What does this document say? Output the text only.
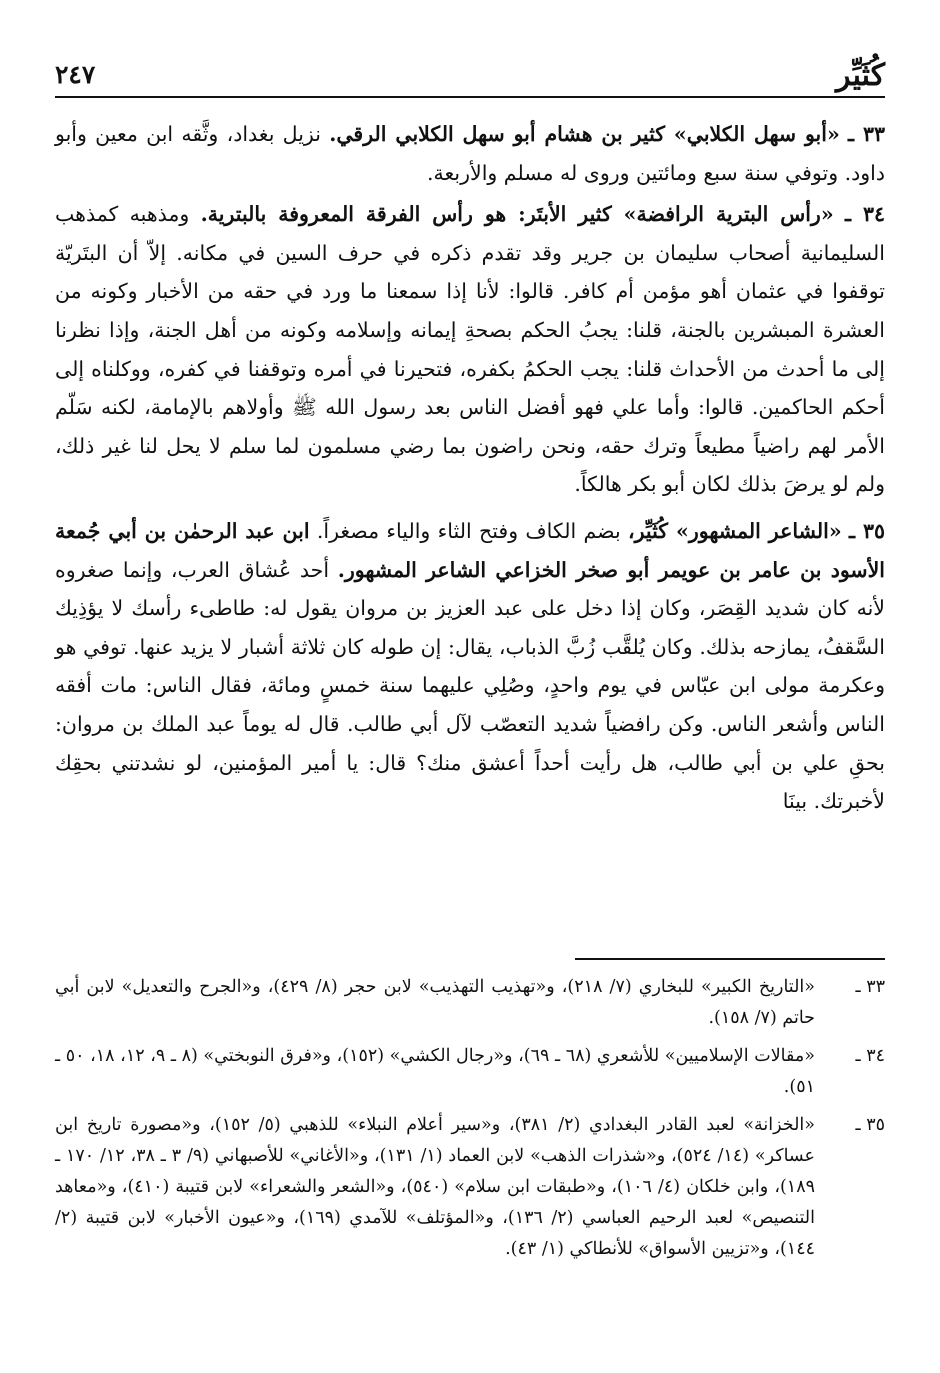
كُثَيِّر
٢٤٧

٣٣ ـ «أبو سهل الكلابي» كثير بن هشام أبو سهل الكلابي الرقي. نزيل بغداد، وثَّقه ابن معين وأبو داود. وتوفي سنة سبع ومائتين وروى له مسلم والأربعة.

٣٤ ـ «رأس البترية الرافضة» كثير الأبتَر: هو رأس الفرقة المعروفة بالبترية. ومذهبه كمذهب السليمانية أصحاب سليمان بن جرير وقد تقدم ذكره في حرف السين في مكانه. إلاّ أن البتَريّة توقفوا في عثمان أهو مؤمن أم كافر. قالوا: لأنا إذا سمعنا ما ورد في حقه من الأخبار وكونه من العشرة المبشرين بالجنة، قلنا: يجبُ الحكم بصحةِ إيمانه وإسلامه وكونه من أهل الجنة، وإذا نظرنا إلى ما أحدث من الأحداث قلنا: يجب الحكمُ بكفره، فتحيرنا في أمره وتوقفنا في كفره، ووكلناه إلى أحكم الحاكمين. قالوا: وأما علي فهو أفضل الناس بعد رسول الله ﷺ وأولاهم بالإمامة، لكنه سَلّم الأمر لهم راضياً مطيعاً وترك حقه، ونحن راضون بما رضي مسلمون لما سلم لا يحل لنا غير ذلك، ولم لو يرضَ بذلك لكان أبو بكر هالكاً.

٣٥ ـ «الشاعر المشهور» كُثَيِّر، بضم الكاف وفتح الثاء والياء مصغراً. ابن عبد الرحمٰن بن أبي جُمعة الأسود بن عامر بن عويمر أبو صخر الخزاعي الشاعر المشهور. أحد عُشاق العرب، وإنما صغروه لأنه كان شديد القِصَر، وكان إذا دخل على عبد العزيز بن مروان يقول له: طاطىء رأسك لا يؤذِيك السَّقفُ، يمازحه بذلك. وكان يُلقَّب زُبَّ الذباب، يقال: إن طوله كان ثلاثة أشبار لا يزيد عنها. توفي هو وعكرمة مولى ابن عبّاس في يوم واحدٍ، وصُلِي عليهما سنة خمسٍ ومائة، فقال الناس: مات أفقه الناس وأشعر الناس. وكن رافضياً شديد التعصّب لآل أبي طالب. قال له يوماً عبد الملك بن مروان: بحقِ علي بن أبي طالب، هل رأيت أحداً أعشق منك؟ قال: يا أمير المؤمنين، لو نشدتني بحقِك لأخبرتك. بينَا

٣٣ ـ
«التاريخ الكبير» للبخاري (٧/ ٢١٨)، و«تهذيب التهذيب» لابن حجر (٨/ ٤٢٩)، و«الجرح والتعديل» لابن أبي حاتم (٧/ ١٥٨).
٣٤ ـ
«مقالات الإسلاميين» للأشعري (٦٨ ـ ٦٩)، و«رجال الكشي» (١٥٢)، و«فرق النوبختي» (٨ ـ ٩، ١٢، ١٨، ٥٠ ـ ٥١).
٣٥ ـ
«الخزانة» لعبد القادر البغدادي (٢/ ٣٨١)، و«سير أعلام النبلاء» للذهبي (٥/ ١٥٢)، و«مصورة تاريخ ابن عساكر» (١٤/ ٥٢٤)، و«شذرات الذهب» لابن العماد (١/ ١٣١)، و«الأغاني» للأصبهاني (٩/ ٣ ـ ٣٨، ١٢/ ١٧٠ ـ ١٨٩)، وابن خلكان (٤/ ١٠٦)، و«طبقات ابن سلام» (٥٤٠)، و«الشعر والشعراء» لابن قتيبة (٤١٠)، و«معاهد التنصيص» لعبد الرحيم العباسي (٢/ ١٣٦)، و«المؤتلف» للآمدي (١٦٩)، و«عيون الأخبار» لابن قتيبة (٢/ ١٤٤)، و«تزيين الأسواق» للأنطاكي (١/ ٤٣).
